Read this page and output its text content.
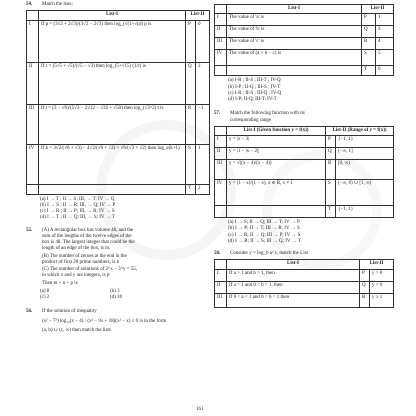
54.	Match the lists:
	List-I	List-II	
I	If p = (3√2 + 2√3)/(3√2 − 2√3) then log_(√(1+√p)) p is	P	0
II	If r = (5√5 + √5)/(√5 − √3) then log_(5+√15) (1/r) is	Q	2
III	If t = (3 − √6)/(5√3 − 2√12 − √32 + √50) then log_(√3^2) t is	R	−1
IV	If k = 3√2/(√6 + √3) − 4√3/(√6 + √2) + √6/(√3 + √2) then log_e(k+1)	S	1
		T	2
(a) I → T ; II → S; III, → T; IV → Q
(b) I → S ; II → R; III, → Q; IV → P
(c) I → R ; II → P; III, → R; IV → S
(d) I → T ; II → Q; III, → S; IV → T
55.	(A) A rectangular box has volume 48, and the
sum of the lengths of the twelve edges of the
box is 48. The largest integer that could be the
length of an edge of the box, is m.
(B) The number of zeroes at the end in the
product of first 20 prime numbers, is n
(C) The number of solutions of 2^x − 3^y = 55,
in which x and y are integers, is p
Then m + n + p is
(a) 8	(b) 3
(c) 2	(d) 10
56.	If the solution of inequality
(x² − 7²) log₁₀(x − 4) / (x² − 9x + 18)(x² − x) ≤ 0 is in the form
(a, b) ∪ (c, ∞) then match the lists
	List-I	List-II	
I	The value of 'a' is	P	1
II	The value of 'b' is	Q	3
III	The value of 'c' is	R	4
IV	The value of (a + b − c) is	S	5
		T	6
(a) I-R ; II-S ; III-T ; IV-Q
(b) I-P ; II-Q ; III-S ; IV-T
(c) I-R ; II-S ; III-Q ; IV-Q
(d) I-P; II-Q; III-T; IV-T
57.	Match the following function with its
corresponding range
	List-I (Given function y = f(x))	List-II (Range of y = f(x))	
I	y = |x − 3|	P	{−1, 1}
II	y = |1 − |x − 2||	Q	(−∞, 1]
III	y = √((x − 4)/(x − 4))	R	[0, ∞)
IV	y = (1 − x)/(1 − x), x ∈ R, x ≠ 1	S	(−∞, 0) ∪ [1, ∞)
		T	{−1, 1}
(a) I → S; II → Q; III → T; IV → P
(b) I → P; II → T; III → R; IV → S
(c) I → R; II → Q; III → P; IV → S
(d) I → R; II → S; III → Q; IV → T
58.	Consider y = log_b a^x, match the List
	List-I	List-II	
I.	If a > 1 and b > 1, then	P	y > 0
II	If a > 1 and 0 < b < 1, then	Q	y < 0
III	If 0 < a < 1 and 0 < b < 1 then	R	y ≥ 1
161
